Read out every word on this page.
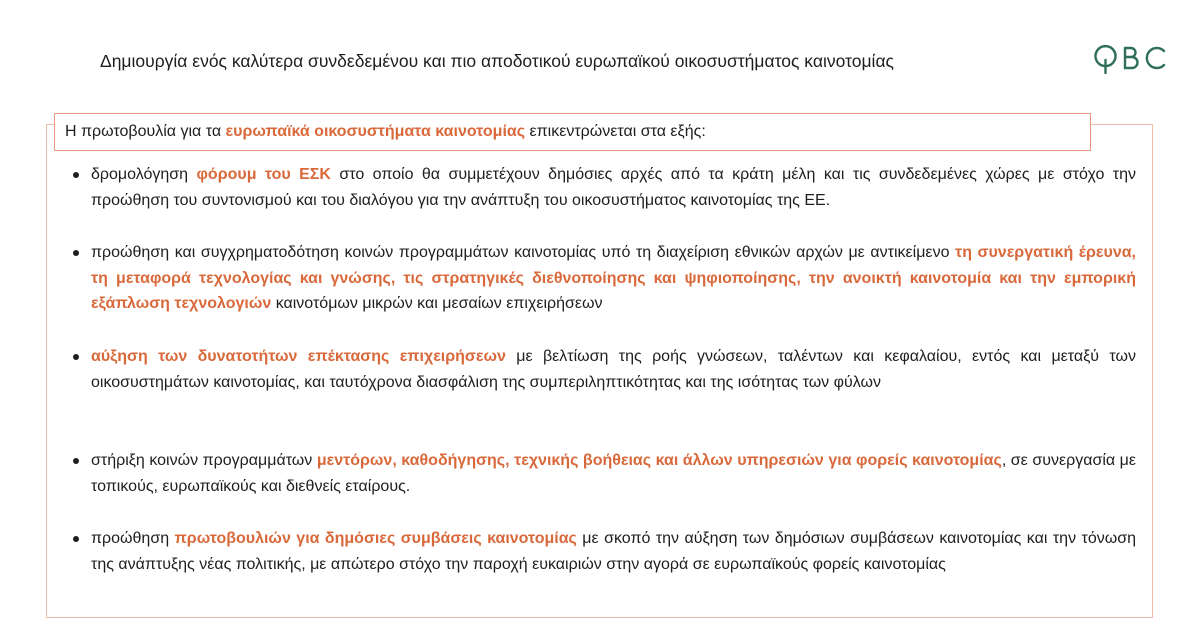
Δημιουργία ενός καλύτερα συνδεδεμένου και πιο αποδοτικού ευρωπαϊκού οικοσυστήματος καινοτομίας
OBC
Η πρωτοβουλία για τα ευρωπαϊκά οικοσυστήματα καινοτομίας επικεντρώνεται στα εξής:
δρομολόγηση φόρουμ του ΕΣΚ στο οποίο θα συμμετέχουν δημόσιες αρχές από τα κράτη μέλη και τις συνδεδεμένες χώρες με στόχο την προώθηση του συντονισμού και του διαλόγου για την ανάπτυξη του οικοσυστήματος καινοτομίας της ΕΕ.
προώθηση και συγχρηματοδότηση κοινών προγραμμάτων καινοτομίας υπό τη διαχείριση εθνικών αρχών με αντικείμενο τη συνεργατική έρευνα, τη μεταφορά τεχνολογίας και γνώσης, τις στρατηγικές διεθνοποίησης και ψηφιοποίησης, την ανοικτή καινοτομία και την εμπορική εξάπλωση τεχνολογιών καινοτόμων μικρών και μεσαίων επιχειρήσεων
αύξηση των δυνατοτήτων επέκτασης επιχειρήσεων με βελτίωση της ροής γνώσεων, ταλέντων και κεφαλαίου, εντός και μεταξύ των οικοσυστημάτων καινοτομίας, και ταυτόχρονα διασφάλιση της συμπεριληπτικότητας και της ισότητας των φύλων
στήριξη κοινών προγραμμάτων μεντόρων, καθοδήγησης, τεχνικής βοήθειας και άλλων υπηρεσιών για φορείς καινοτομίας, σε συνεργασία με τοπικούς, ευρωπαϊκούς και διεθνείς εταίρους.
προώθηση πρωτοβουλιών για δημόσιες συμβάσεις καινοτομίας με σκοπό την αύξηση των δημόσιων συμβάσεων καινοτομίας και την τόνωση της ανάπτυξης νέας πολιτικής, με απώτερο στόχο την παροχή ευκαιριών στην αγορά σε ευρωπαϊκούς φορείς καινοτομίας
